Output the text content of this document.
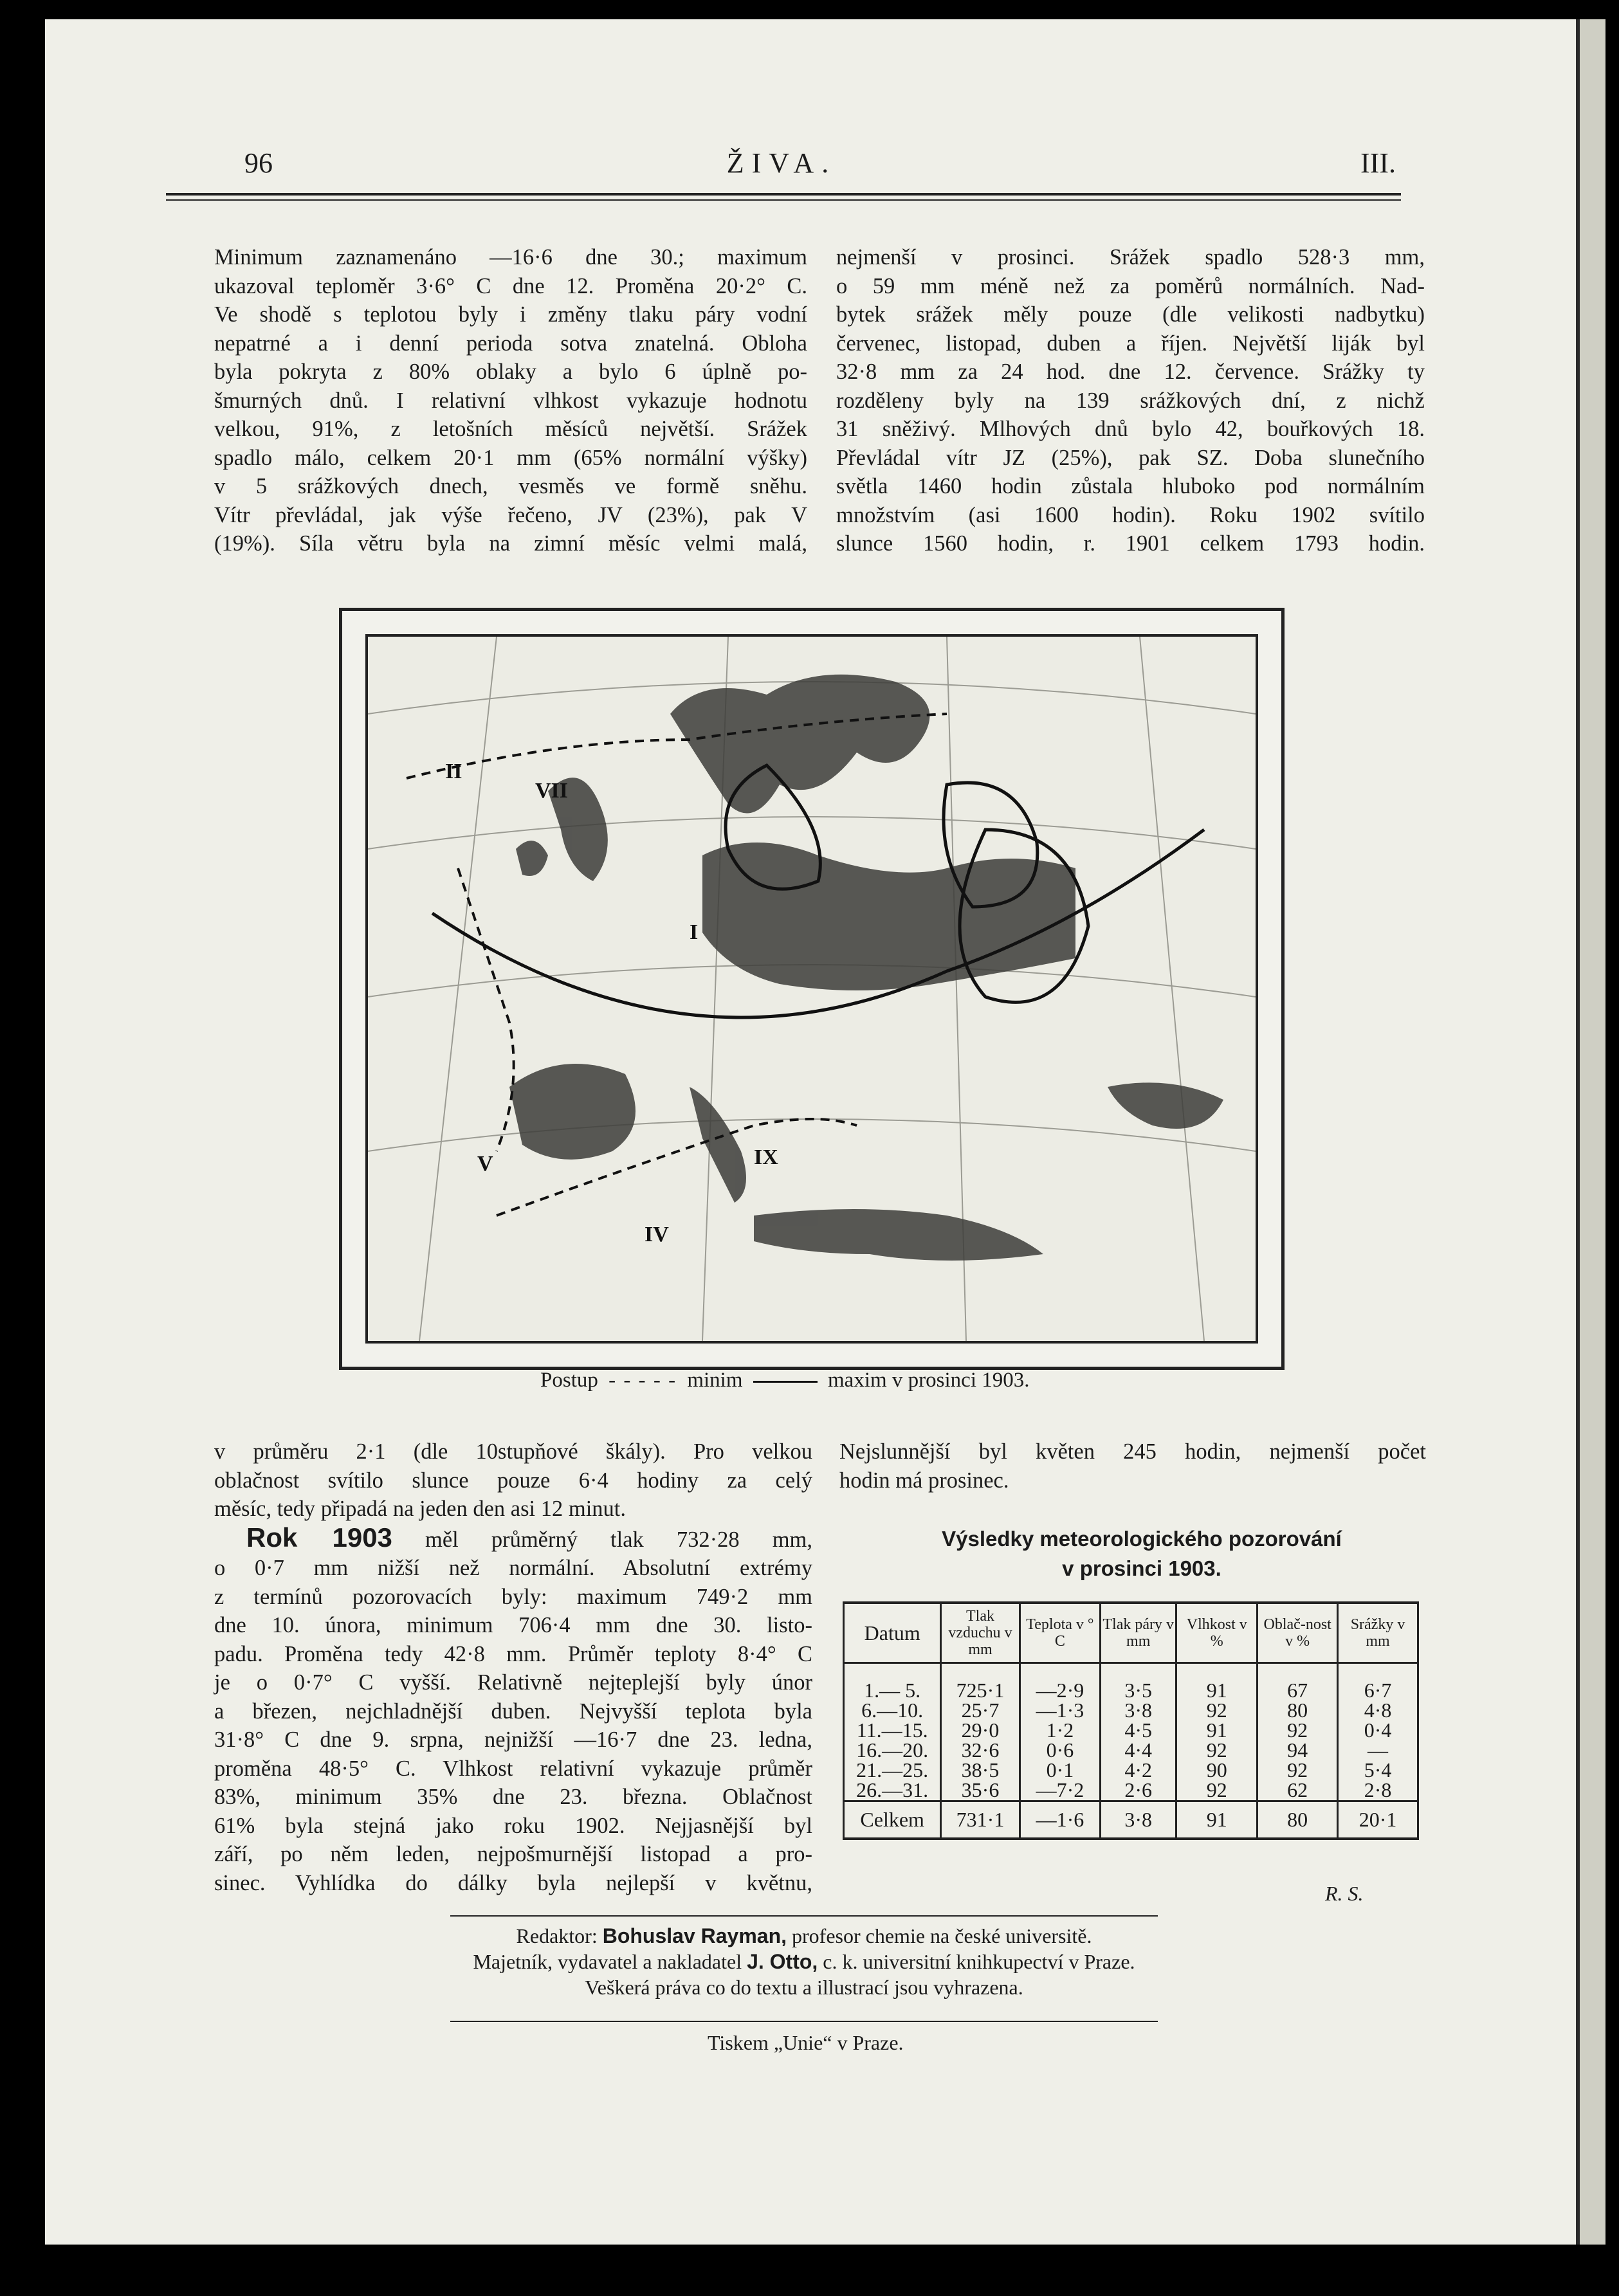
96	ŽIVA.	III.
Minimum zaznamenáno —16·6 dne 30.; maximum
ukazoval teploměr 3·6° C dne 12. Proměna 20·2° C.
Ve shodě s teplotou byly i změny tlaku páry vodní
nepatrné a i denní perioda sotva znatelná. Obloha
byla pokryta z 80% oblaky a bylo 6 úplně po-
šmurných dnů. I relativní vlhkost vykazuje hodnotu
velkou, 91%, z letošních měsíců největší. Srážek
spadlo málo, celkem 20·1 mm (65% normální výšky)
v 5 srážkových dnech, vesměs ve formě sněhu.
Vítr převládal, jak výše řečeno, JV (23%), pak V
(19%). Síla větru byla na zimní měsíc velmi malá,
nejmenší v prosinci. Srážek spadlo 528·3 mm,
o 59 mm méně než za poměrů normálních. Nad-
bytek srážek měly pouze (dle velikosti nadbytku)
červenec, listopad, duben a říjen. Největší liják byl
32·8 mm za 24 hod. dne 12. července. Srážky ty
rozděleny byly na 139 srážkových dní, z nichž
31 sněživý. Mlhových dnů bylo 42, bouřkových 18.
Převládal vítr JZ (25%), pak SZ. Doba slunečního
světla 1460 hodin zůstala hluboko pod normálním
množstvím (asi 1600 hodin). Roku 1902 svítilo
slunce 1560 hodin, r. 1901 celkem 1793 hodin.
II
VII
I
V
IV
IX
Postup - - - - - minim	maxim v prosinci 1903.
v průměru 2·1 (dle 10stupňové škály). Pro velkou
oblačnost svítilo slunce pouze 6·4 hodiny za celý
měsíc, tedy připadá na jeden den asi 12 minut.
Rok 1903 měl průměrný tlak 732·28 mm,
o 0·7 mm nižší než normální. Absolutní extrémy
z termínů pozorovacích byly: maximum 749·2 mm
dne 10. února, minimum 706·4 mm dne 30. listo-
padu. Proměna tedy 42·8 mm. Průměr teploty 8·4° C
je o 0·7° C vyšší. Relativně nejteplejší byly únor
a březen, nejchladnější duben. Nejvyšší teplota byla
31·8° C dne 9. srpna, nejnižší —16·7 dne 23. ledna,
proměna 48·5° C. Vlhkost relativní vykazuje průměr
83%, minimum 35% dne 23. března. Oblačnost
61% byla stejná jako roku 1902. Nejjasnější byl
září, po něm leden, nejpošmurnější listopad a pro-
sinec. Vyhlídka do dálky byla nejlepší v květnu,
Nejslunnější byl květen 245 hodin, nejmenší počet
hodin má prosinec.
Výsledky meteorologického pozorování
v prosinci 1903.
Datum	Tlak vzduchu v mm	Teplota v ° C	Tlak páry v mm	Vlhkost v %	Oblač-nost v %	Srážky v mm
1.— 5.	725·1	—2·9	3·5	91	67	6·7
6.—10.	25·7	—1·3	3·8	92	80	4·8
11.—15.	29·0	1·2	4·5	91	92	0·4
16.—20.	32·6	0·6	4·4	92	94	—
21.—25.	38·5	0·1	4·2	90	92	5·4
26.—31.	35·6	—7·2	2·6	92	62	2·8
Celkem	731·1	—1·6	3·8	91	80	20·1
R. S.
Redaktor: Bohuslav Rayman, profesor chemie na české universitě.
Majetník, vydavatel a nakladatel J. Otto, c. k. universitní knihkupectví v Praze.
Veškerá práva co do textu a illustrací jsou vyhrazena.
Tiskem „Unie“ v Praze.
